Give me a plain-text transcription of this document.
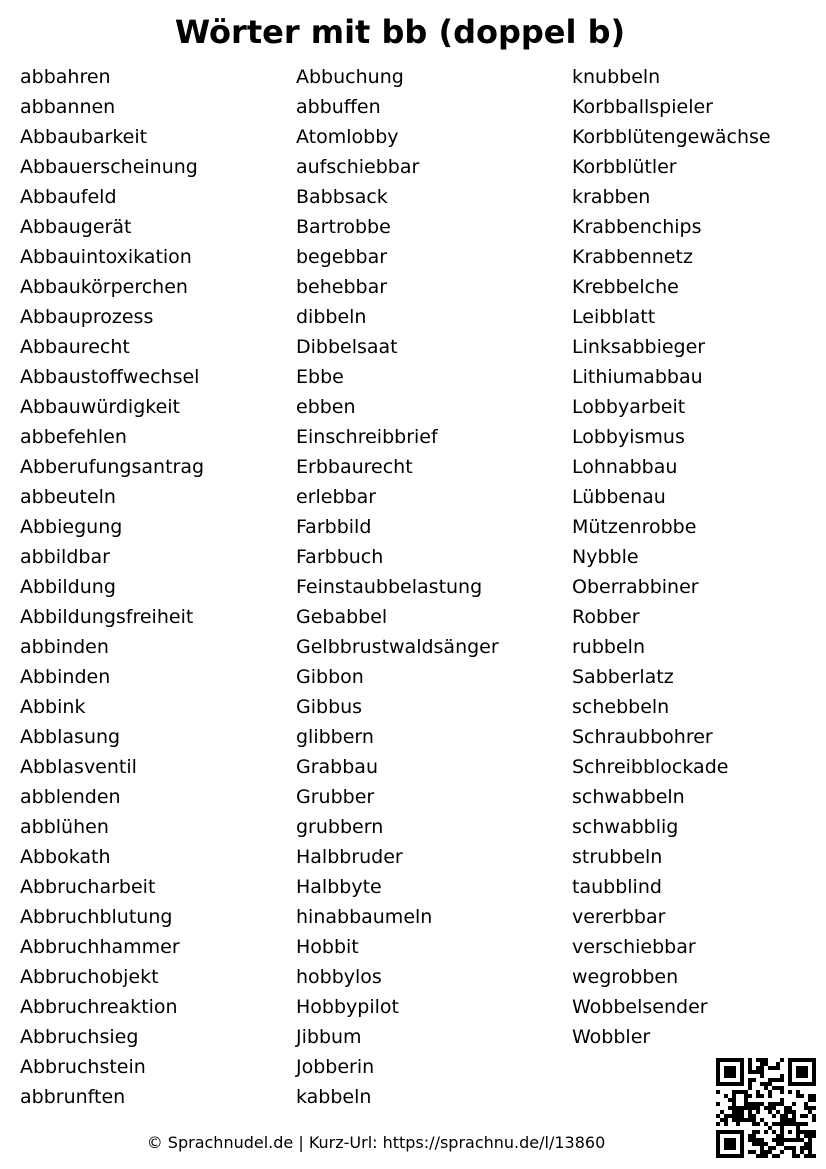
Wörter mit bb (doppel b)
abbahren
abbannen
Abbaubarkeit
Abbauerscheinung
Abbaufeld
Abbaugerät
Abbauintoxikation
Abbaukörperchen
Abbauprozess
Abbaurecht
Abbaustoffwechsel
Abbauwürdigkeit
abbefehlen
Abberufungsantrag
abbeuteln
Abbiegung
abbildbar
Abbildung
Abbildungsfreiheit
abbinden
Abbinden
Abbink
Abblasung
Abblasventil
abblenden
abblühen
Abbokath
Abbrucharbeit
Abbruchblutung
Abbruchhammer
Abbruchobjekt
Abbruchreaktion
Abbruchsieg
Abbruchstein
abbrunften
Abbuchung
abbuffen
Atomlobby
aufschiebbar
Babbsack
Bartrobbe
begebbar
behebbar
dibbeln
Dibbelsaat
Ebbe
ebben
Einschreibbrief
Erbbaurecht
erlebbar
Farbbild
Farbbuch
Feinstaubbelastung
Gebabbel
Gelbbrustwaldsänger
Gibbon
Gibbus
glibbern
Grabbau
Grubber
grubbern
Halbbruder
Halbbyte
hinabbaumeln
Hobbit
hobbylos
Hobbypilot
Jibbum
Jobberin
kabbeln
knubbeln
Korbballspieler
Korbblütengewächse
Korbblütler
krabben
Krabbenchips
Krabbennetz
Krebbelche
Leibblatt
Linksabbieger
Lithiumabbau
Lobbyarbeit
Lobbyismus
Lohnabbau
Lübbenau
Mützenrobbe
Nybble
Oberrabbiner
Robber
rubbeln
Sabberlatz
schebbeln
Schraubbohrer
Schreibblockade
schwabbeln
schwabblig
strubbeln
taubblind
vererbbar
verschiebbar
wegrobben
Wobbelsender
Wobbler
© Sprachnudel.de | Kurz-Url: https://sprachnu.de/l/13860
